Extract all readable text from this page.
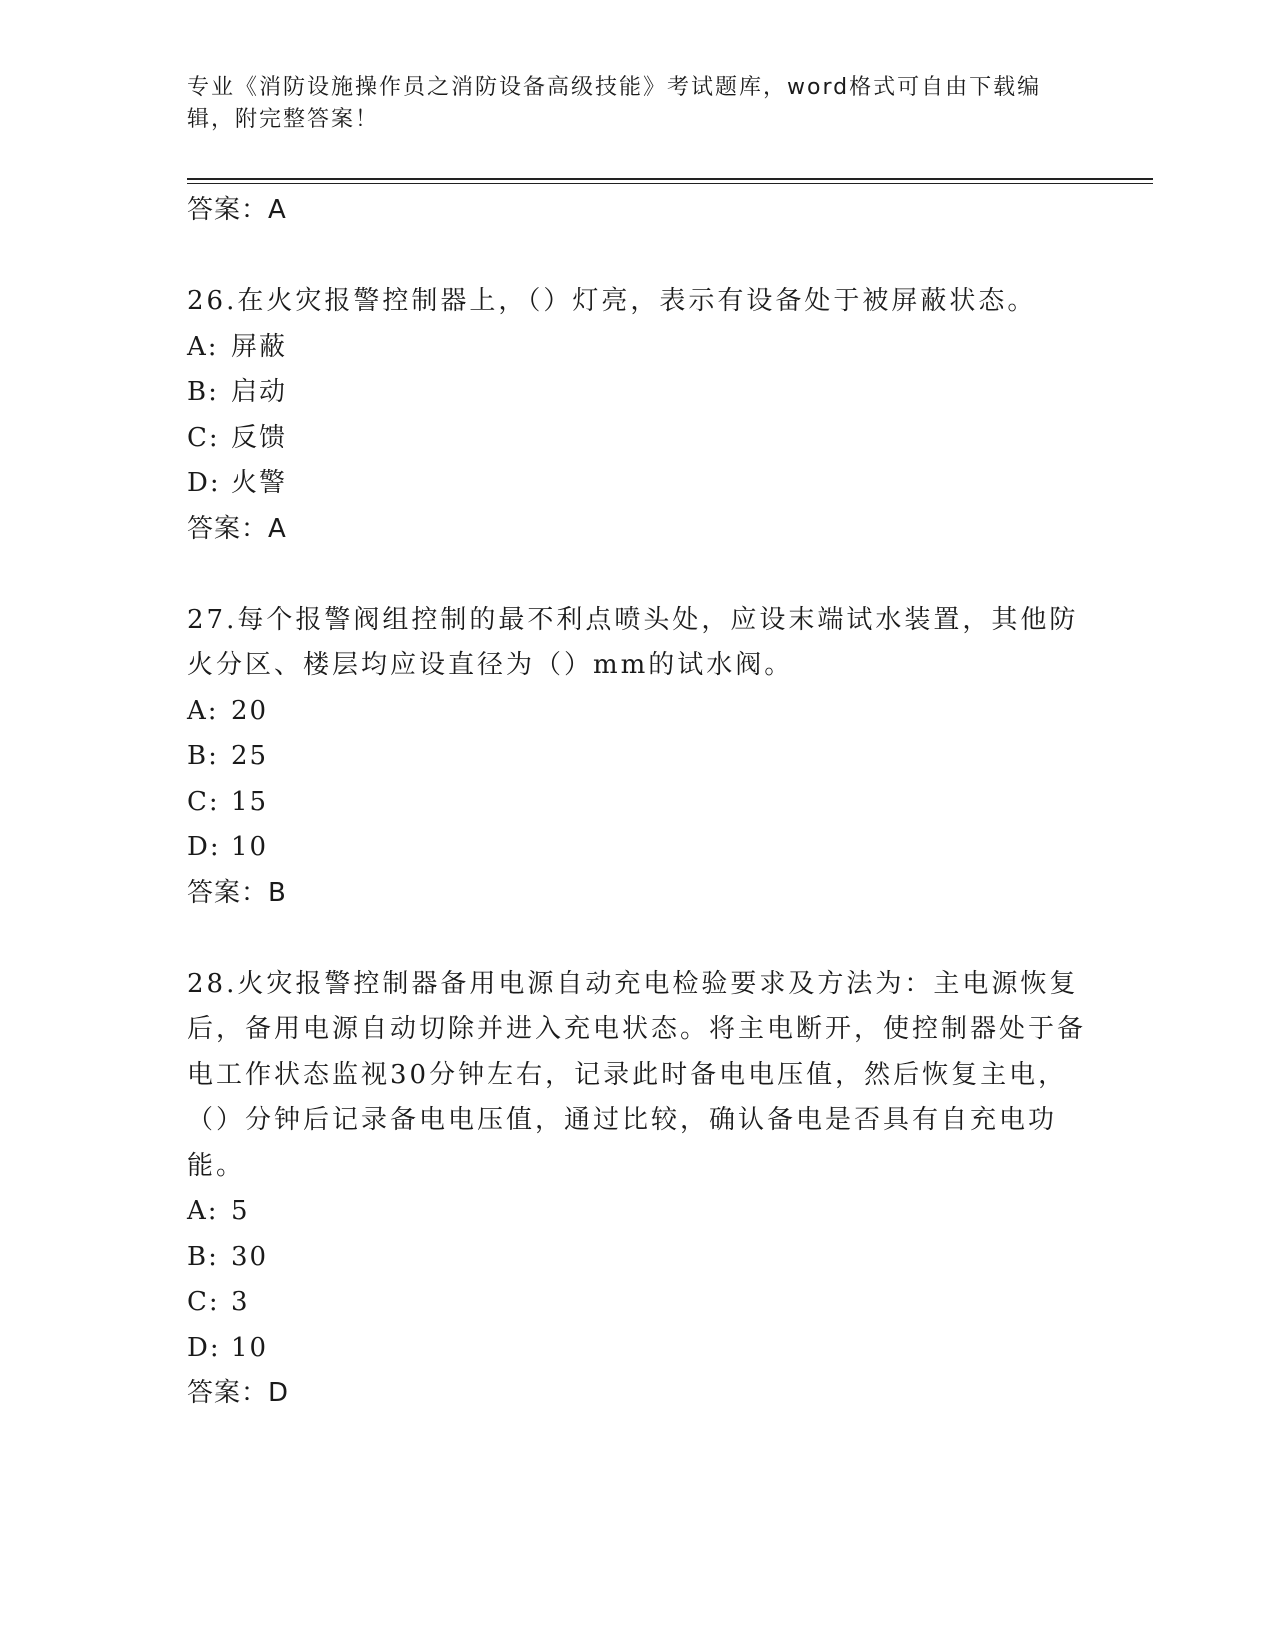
专业《消防设施操作员之消防设备高级技能》考试题库，word格式可自由下载编辑，附完整答案！
答案：A
26.在火灾报警控制器上，（）灯亮，表示有设备处于被屏蔽状态。
A: 屏蔽
B: 启动
C: 反馈
D: 火警
答案：A
27.每个报警阀组控制的最不利点喷头处，应设末端试水装置，其他防火分区、楼层均应设直径为（）mm的试水阀。
A: 20
B: 25
C: 15
D: 10
答案：B
28.火灾报警控制器备用电源自动充电检验要求及方法为：主电源恢复后，备用电源自动切除并进入充电状态。将主电断开，使控制器处于备电工作状态监视30分钟左右，记录此时备电电压值，然后恢复主电，（）分钟后记录备电电压值，通过比较，确认备电是否具有自充电功能。
A: 5
B: 30
C: 3
D: 10
答案：D
